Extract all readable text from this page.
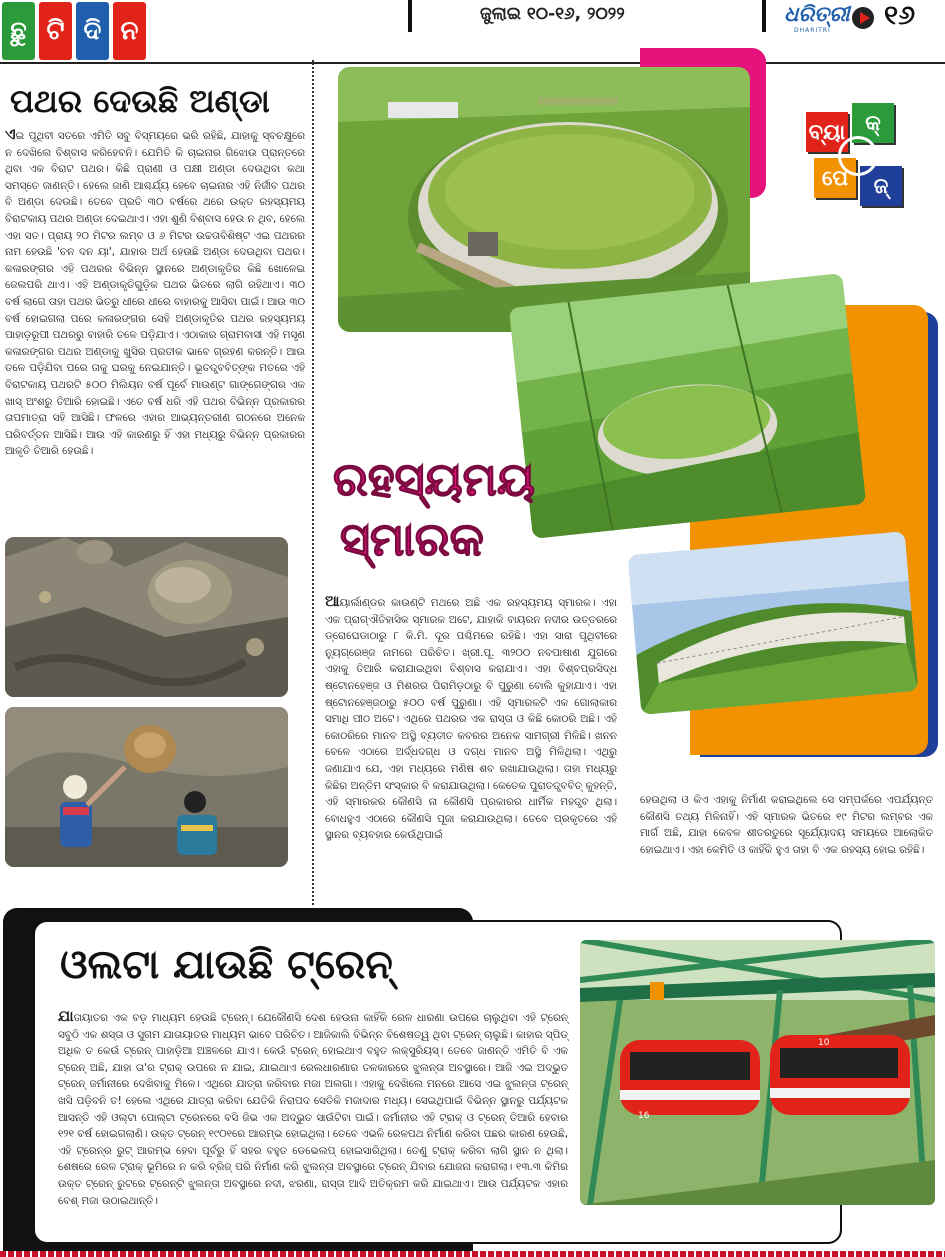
ଛୁ ଟି ଦି ନ
ଜୁଲାଇ ୧୦-୧୬, ୨୦୨୨	ଧରିତ୍ରୀ
DHARITRI ୧୬
ପଥର ଦେଉଛି ଅଣ୍ଡା
ଏଇ ପୃଥିବୀ ସତରେ ଏମିତି ସବୁ ବିସ୍ମୟରେ ଭରି ରହିଛି, ଯାହାକୁ ସ୍ବଚକ୍ଷୁରେ ନ ଦେଖିଲେ ବିଶ୍ବାସ କରିହେବନି। ଯେମିତି କି ଚାଇନାର ଗିଝୋଉ ପ୍ରାନ୍ତରେ ଥିବା ଏକ ବିରାଟ ପଥର। କିଛି ପ୍ରାଣୀ ଓ ପକ୍ଷୀ ଅଣ୍ଡା ଦେଉଥିବା କଥା ସମସ୍ତେ ଜାଣନ୍ତି। ହେଲେ ଜାଣି ଆଶ୍ଚର୍ଯ୍ୟ ହେବେ ଚାଇନାର ଏହି ନିର୍ଜୀବ ପଥର ବି ଅଣ୍ଡା ଦେଉଛି। ତେବେ ପ୍ରତି ୩୦ ବର୍ଷରେ ଥରେ ଉକ୍ତ ରହସ୍ୟମୟ ବିରାଟକାୟ ପଥର ଅଣ୍ଡା ଦେଇଥାଏ। ଏହା ଶୁଣି ବିଶ୍ବାସ ହେଉ ନ ଥିବ, ହେଲେ ଏହା ସତ। ପ୍ରାୟ ୨୦ ମିଟର ଲମ୍ବ ଓ ୬ ମିଟର ଉଚ୍ଚତାବିଶିଷ୍ଟ ଏଇ ପଥରର ନାମ ହେଉଛି 'ଚନ ଦନ ୟା', ଯାହାର ଅର୍ଥ ହେଉଛି ଅଣ୍ଡା ଦେଉଥିବା ପଥର। କଳାରଙ୍ଗର ଏହି ପଥରର ବିଭିନ୍ନ ସ୍ଥାନରେ ଅଣ୍ଡାକୃତିର କିଛି ଖୋଳେଇ ଜେଲପରି ଥାଏ। ଏହି ଅଣ୍ଡାକୃତିଗୁଡ଼ିକ ପଥର ଭିତରେ ଲାଗି ରହିଥାଏ। ୩୦ ବର୍ଷ ଲାଗେ ତାହା ପଥର ଭିତରୁ ଧୀରେ ଧୀରେ ବାହାରକୁ ଆସିବା ପାଇଁ। ଆଉ ୩୦ ବର୍ଷ ହୋଇଗଲା ପରେ କଳାରଙ୍ଗର ସେହି ଅଣ୍ଡାକୃତିର ପଥର ରହସ୍ୟମୟ ପାହାଡ଼ରୂପୀ ପଥରରୁ ବାହାରି ତଳେ ପଡ଼ିଯାଏ। ଏଠାକାର ଗ୍ରାମବାସୀ ଏହି ମସୃଣ କଳାରଙ୍ଗର ପଥର ଅଣ୍ଡାକୁ ଖୁସିର ପ୍ରତୀକ ଭାବେ ଗ୍ରହଣ କରନ୍ତି। ଆଉ ତଳେ ପଡ଼ିଯିବା ପରେ ତାକୁ ଘରକୁ ନେଇଯାନ୍ତି। ଭୂତତ୍ତ୍ବବିତ୍‌ଙ୍କ ମତରେ ଏହି ବିରାଟକାୟ ପଥରଟି ୫୦୦ ମିଲିୟନ ବର୍ଷ ପୂର୍ବେ ମାଉଣ୍ଟ ଗାଙ୍ଗେଙ୍ଗର ଏକ ଖାସ୍ ଅଂଶରୁ ତିଆରି ହୋଇଛି। ଏତେ ବର୍ଷ ଧରି ଏହି ପଥର ବିଭିନ୍ନ ପ୍ରକାରର ତାପମାତ୍ରା ସହି ଆସିଛି। ଫଳରେ ଏହାର ଆଭ୍ୟନ୍ତରୀଣ ଗଠନରେ ଅନେକ ପରିବର୍ତ୍ତନ ଆସିଛି। ଆଉ ଏହି କାରଣରୁ ହିଁ ଏହା ମଧ୍ୟରୁ ବିଭିନ୍ନ ପ୍ରକାରର ଆକୃତି ତିଆରି ହେଉଛି।
ବ୍ୟା କ୍
ପେ	ଜ୍
ରହସ୍ୟମୟ
ସ୍ମାରକ
ଆୟାର୍ଲାଣ୍ଡର କାଉଣ୍ଟି ମଥରେ ଅଛି ଏକ ରହସ୍ୟମୟ ସ୍ମାରକ। ଏହା ଏକ ପ୍ରାଗ୍‌ଐତିହାସିକ ସ୍ମାରକ ଅଟେ, ଯାହାକି ବାୟରନ ନଦୀର ଉତ୍ତରରେ ଡ୍ରୋଘେଡାଠାରୁ ୮ କି.ମି. ଦୂର ପଶ୍ଚିମରେ ରହିଛି। ଏହା ସାରା ପୃଥିବୀରେ ନ୍ୟୁଗ୍ରେଞ୍ଜ ନାମରେ ପରିଚିତ। ଖ୍ରୀ.ପୂ. ୩୨୦୦ ନବପାଷାଣ ଯୁଗରେ ଏହାକୁ ତିଆରି କରାଯାଇଥିବା ବିଶ୍ବାସ କରାଯାଏ। ଏହା ବିଶ୍ବପ୍ରସିଦ୍ଧ ଷ୍ଟୋନହେଞ୍ଜ ଓ ମିଶରର ପିରାମିଡ଼ଠାରୁ ବି ପୁରୁଣା ବୋଲି କୁହାଯାଏ। ଏହା ଷ୍ଟୋନହେଞ୍ଜଠାରୁ ୫୦୦ ବର୍ଷ ପୁରୁଣା। ଏହି ସ୍ମାରକଟି ଏକ ଗୋଲାକାର ସମାଧି ପୀଠ ଅଟେ। ଏଥିରେ ପଥରର ଏକ ରାସ୍ତା ଓ କିଛି କୋଠରି ଅଛି। ଏହି କୋଠରିରେ ମାନବ ଅସ୍ଥି ବ୍ୟତୀତ କବରର ଅନେକ ସାମଗ୍ରୀ ମିଳିଛି। ଖନନ ବେଳେ ଏଠାରେ ଅର୍ଦ୍ଧଦଗ୍ଧ ଓ ଦଗ୍ଧ ମାନବ ଅସ୍ଥି ମିଳିଥିଲା। ଏଥିରୁ ଜଣାଯାଏ ଯେ, ଏହା ମଧ୍ୟରେ ମଣିଷ ଶବ ରଖାଯାଉଥିଲା। ତାହା ମଧ୍ୟରୁ କିଛିର ଅନ୍ତିମ ସଂସ୍କାର ବି କରାଯାଉଥିଲା। କେତେକ ପୁରାତତ୍ତ୍ବବିତ୍ କୁହନ୍ତି, ଏହି ସ୍ମାରକର କୌଣସି ନା କୌଣସି ପ୍ରକାରର ଧାର୍ମିକ ମହତ୍ତ୍ବ ଥିଲା। ବୋଧହୁଏ ଏଠାରେ କୌଣସି ପୂଜା କରାଯାଉଥିଲା। ତେବେ ପ୍ରକୃତରେ ଏହି ସ୍ଥାନର ବ୍ୟବହାର କେଉଁଥିପାଇଁ
ହେଉଥିଲା ଓ କିଏ ଏହାକୁ ନିର୍ମାଣ କରାଇଥିଲେ ସେ ସମ୍ପର୍କରେ ଏପର୍ଯ୍ୟନ୍ତ କୌଣସି ତଥ୍ୟ ମିଳିନାହିଁ। ଏହି ସ୍ମାରକ ଭିତରେ ୧୯ ମିଟର ଲମ୍ବର ଏକ ମାର୍ଗ ଅଛି, ଯାହା କେବଳ ଶୀତରତୁରେ ସୂର୍ଯ୍ୟୋଦୟ ସମୟରେ ଆଲୋକିତ ହୋଇଥାଏ। ଏହା କେମିତି ଓ କାହିଁକି ହୁଏ ତାହା ବି ଏକ ରହସ୍ୟ ହୋଇ ରହିଛି।
ଓଲଟା ଯାଉଛି ଟ୍ରେନ୍
ଯାତାୟାତର ଏକ ବଡ଼ ମାଧ୍ୟମ ହେଉଛି ଟ୍ରେନ୍। ଯେକୌଣସି ଦେଶ ହେଉନା କାହିଁକି ରେଳ ଧାରଣା ଉପରେ ଚାଲୁଥିବା ଏହି ଟ୍ରେନ୍ ସବୁଠି ଏକ ଶସ୍ତା ଓ ସୁଗମ ଯାତାୟାତର ମାଧ୍ୟମ ଭାବେ ପରିଚିତ। ଆଜିକାଲି ବିଭିନ୍ନ ବିଶେଷତ୍ୱ ଥିବା ଟ୍ରେନ୍ ଚାଲୁଛି। କାହାର ସ୍ପିଡ୍ ଅଧିକ ତ କେଉଁ ଟ୍ରେନ୍ ପାହାଡ଼ିଆ ଅଞ୍ଚଳରେ ଯାଏ। କେଉଁ ଟ୍ରେନ୍ ହୋଇଥାଏ ବହୁତ ଲକ୍ସୁରିୟସ୍। ତେବେ ଜାଣନ୍ତି ଏମିତି ବି ଏକ ଟ୍ରେନ୍ ଅଛି, ଯାହା ତା'ର ଟ୍ରାକ୍ ଉପରେ ନ ଯାଇ, ଯାଇଥାଏ ରେଲଧାରଣାର ତଳକାରରେ ଝୁଲନ୍ତା ଅବସ୍ଥାରେ। ଆଜି ଏଇ ଅଦ୍ଭୁତ ଟ୍ରେନ୍ ଜର୍ମାନୀରେ ଦେଖିବାକୁ ମିଳେ। ଏଥିରେ ଯାତ୍ରା କରିବାର ମଜା ଅଲଗା। ଏହାକୁ ଦେଖିଲେ ମନରେ ଆସେ ଏଇ ଝୁଲନ୍ତା ଟ୍ରେନ୍ ଖସି ପଡ଼ିବନି ତ! ହେଲେ ଏଥିରେ ଯାତ୍ରା କରିବା ଯେତିକି ନିରାପଦ ସେତିକି ମଜାଦାର ମଧ୍ୟ। ସେଇଥିପାଇଁ ବିଭିନ୍ନ ସ୍ଥାନରୁ ପର୍ଯ୍ୟଟକ ଆସନ୍ତି ଏହି ଓଲ୍ଟା ପୋଲ୍ଟା ଟ୍ରେନରେ ବସି ଜିଭ ଏକ ଅଦ୍ଭୁତ ସାଉଁଟିବା ପାଇଁ। ଜର୍ମାନୀର ଏହି ଟ୍ରାକ୍ ଓ ଟ୍ରେନ୍ ତିଆରି ହେବାର ୧୨୧ ବର୍ଷ ହୋଇଗଲାଣି। ଉକ୍ତ ଟ୍ରେନ୍ ୧୯୦୧ରେ ଆରମ୍ଭ ହୋଇଥିଲା। ତେବେ ଏଭଳି ରେଳପଥ ନିର୍ମାଣ କରିବା ପଛର କାରଣ ହେଉଛି, ଏହି ଟ୍ରେନ୍‌ର ରୁଟ୍ ଆରମ୍ଭ ହେବା ପୂର୍ବରୁ ହିଁ ସହର ବହୁତ ଡେଭେଲପ୍ ହୋଇସାରିଥିଲା। ତେଣୁ ଟ୍ରାକ୍ କରିବା ଲାଗି ସ୍ଥାନ ନ ଥିଲା। ଶେଷରେ ରେଳ ଟ୍ରାକ୍ ଭୂମିରେ ନ କରି ବ୍ରିଜ୍ ପରି ନିର୍ମାଣ କରି ଝୁଲନ୍ତା ଅବସ୍ଥାରେ ଟ୍ରେନ୍ ଯିବାର ଯୋଜନା କରାଗଲା। ୧୩.୩ କିମିର ଉକ୍ତ ଟ୍ରେନ୍ ରୁଟରେ ଟ୍ରେନ୍‌ଟି ଝୁଲନ୍ତା ଅବସ୍ଥାରେ ନଦୀ, ଝରଣା, ରାସ୍ତା ଆଦି ଅତିକ୍ରମ କରି ଯାଇଥାଏ। ଆଉ ପର୍ଯ୍ୟଟକ ଏହାର ବେଶ୍ ମଜା ଉଠାଇଥାନ୍ତି।
16
10
